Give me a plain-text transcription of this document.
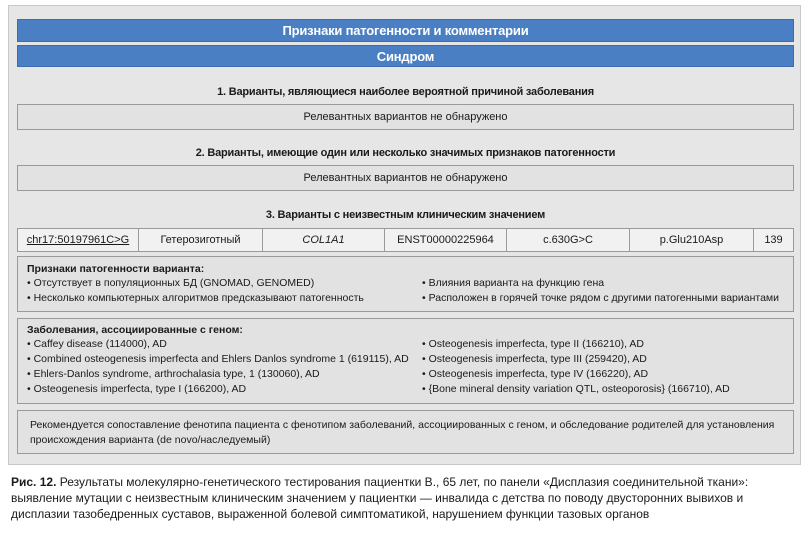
Признаки патогенности и комментарии
Синдром
1. Варианты, являющиеся наиболее вероятной причиной заболевания
Релевантных вариантов не обнаружено
2. Варианты, имеющие один или несколько значимых признаков патогенности
Релевантных вариантов не обнаружено
3. Варианты с неизвестным клиническим значением
chr17:50197961C>G	Гетерозиготный	COL1A1	ENST00000225964	c.630G>C	p.Glu210Asp	139
Признаки патогенности варианта:
• Отсутствует в популяционных БД (GNOMAD, GENOMED)
• Несколько компьютерных алгоритмов предсказывают патогенность
• Влияния варианта на функцию гена
• Расположен в горячей точке рядом с другими патогенными вариантами
Заболевания, ассоциированные с геном:
• Caffey disease (114000), AD
• Combined osteogenesis imperfecta and Ehlers Danlos syndrome 1 (619115), AD
• Ehlers-Danlos syndrome, arthrochalasia type, 1 (130060), AD
• Osteogenesis imperfecta, type I (166200), AD
• Osteogenesis imperfecta, type II (166210), AD
• Osteogenesis imperfecta, type III (259420), AD
• Osteogenesis imperfecta, type IV (166220), AD
• {Bone mineral density variation QTL, osteoporosis} (166710), AD
Рекомендуется сопоставление фенотипа пациента с фенотипом заболеваний, ассоциированных с геном, и обследование родителей для установления происхождения варианта (de novo/наследуемый)
Рис. 12. Результаты молекулярно-генетического тестирования пациентки В., 65 лет, по панели «Дисплазия соединительной ткани»: выявление мутации с неизвестным клиническим значением у пациентки — инвалида с детства по поводу двусторонних вывихов и дисплазии тазобедренных суставов, выраженной болевой симптоматикой, нарушением функции тазовых органов
